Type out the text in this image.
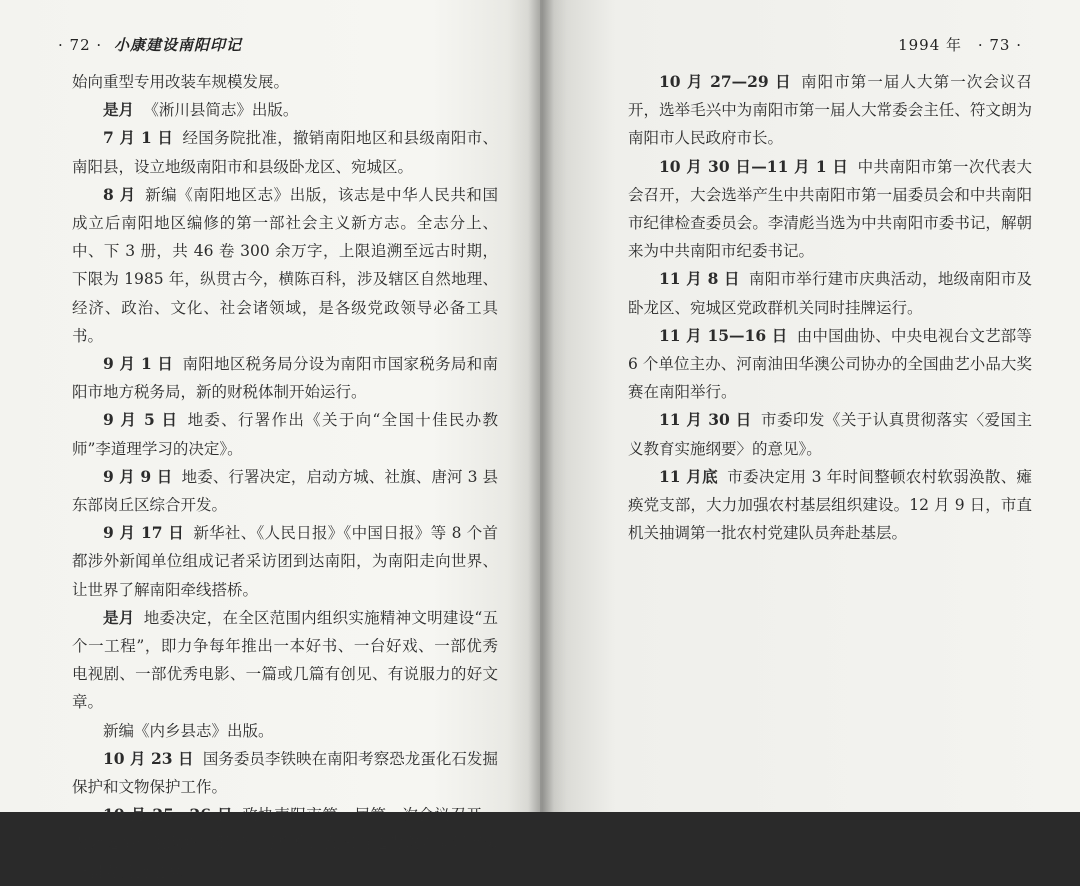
· 72 · 小康建设南阳印记

始向重型专用改装车规模发展。

是月 《淅川县简志》出版。

7 月 1 日 经国务院批准，撤销南阳地区和县级南阳市、南阳县，设立地级南阳市和县级卧龙区、宛城区。

8 月 新编《南阳地区志》出版，该志是中华人民共和国成立后南阳地区编修的第一部社会主义新方志。全志分上、中、下 3 册，共 46 卷 300 余万字，上限追溯至远古时期，下限为 1985 年，纵贯古今，横陈百科，涉及辖区自然地理、经济、政治、文化、社会诸领域，是各级党政领导必备工具书。

9 月 1 日 南阳地区税务局分设为南阳市国家税务局和南阳市地方税务局，新的财税体制开始运行。

9 月 5 日 地委、行署作出《关于向“全国十佳民办教师”李道理学习的决定》。

9 月 9 日 地委、行署决定，启动方城、社旗、唐河 3 县东部岗丘区综合开发。

9 月 17 日 新华社、《人民日报》《中国日报》等 8 个首都涉外新闻单位组成记者采访团到达南阳，为南阳走向世界、让世界了解南阳牵线搭桥。

是月 地委决定，在全区范围内组织实施精神文明建设“五个一工程”，即力争每年推出一本好书、一台好戏、一部优秀电视剧、一部优秀电影、一篇或几篇有创见、有说服力的好文章。

新编《内乡县志》出版。

10 月 23 日 国务委员李铁映在南阳考察恐龙蛋化石发掘保护和文物保护工作。

10 月 25—26 日 政协南阳市第一届第一次会议召开，大会选举产生政协南阳市领导机构，燕来当选为政协南阳市第一届委员会主席。

1994 年 · 73 ·

10 月 27—29 日 南阳市第一届人大第一次会议召开，选举毛兴中为南阳市第一届人大常委会主任、符文朗为南阳市人民政府市长。

10 月 30 日—11 月 1 日 中共南阳市第一次代表大会召开，大会选举产生中共南阳市第一届委员会和中共南阳市纪律检查委员会。李清彪当选为中共南阳市委书记，解朝来为中共南阳市纪委书记。

11 月 8 日 南阳市举行建市庆典活动，地级南阳市及卧龙区、宛城区党政群机关同时挂牌运行。

11 月 15—16 日 由中国曲协、中央电视台文艺部等 6 个单位主办、河南油田华澳公司协办的全国曲艺小品大奖赛在南阳举行。

11 月 30 日 市委印发《关于认真贯彻落实〈爱国主义教育实施纲要〉的意见》。

11 月底 市委决定用 3 年时间整顿农村软弱涣散、瘫痪党支部，大力加强农村基层组织建设。12 月 9 日，市直机关抽调第一批农村党建队员奔赴基层。
